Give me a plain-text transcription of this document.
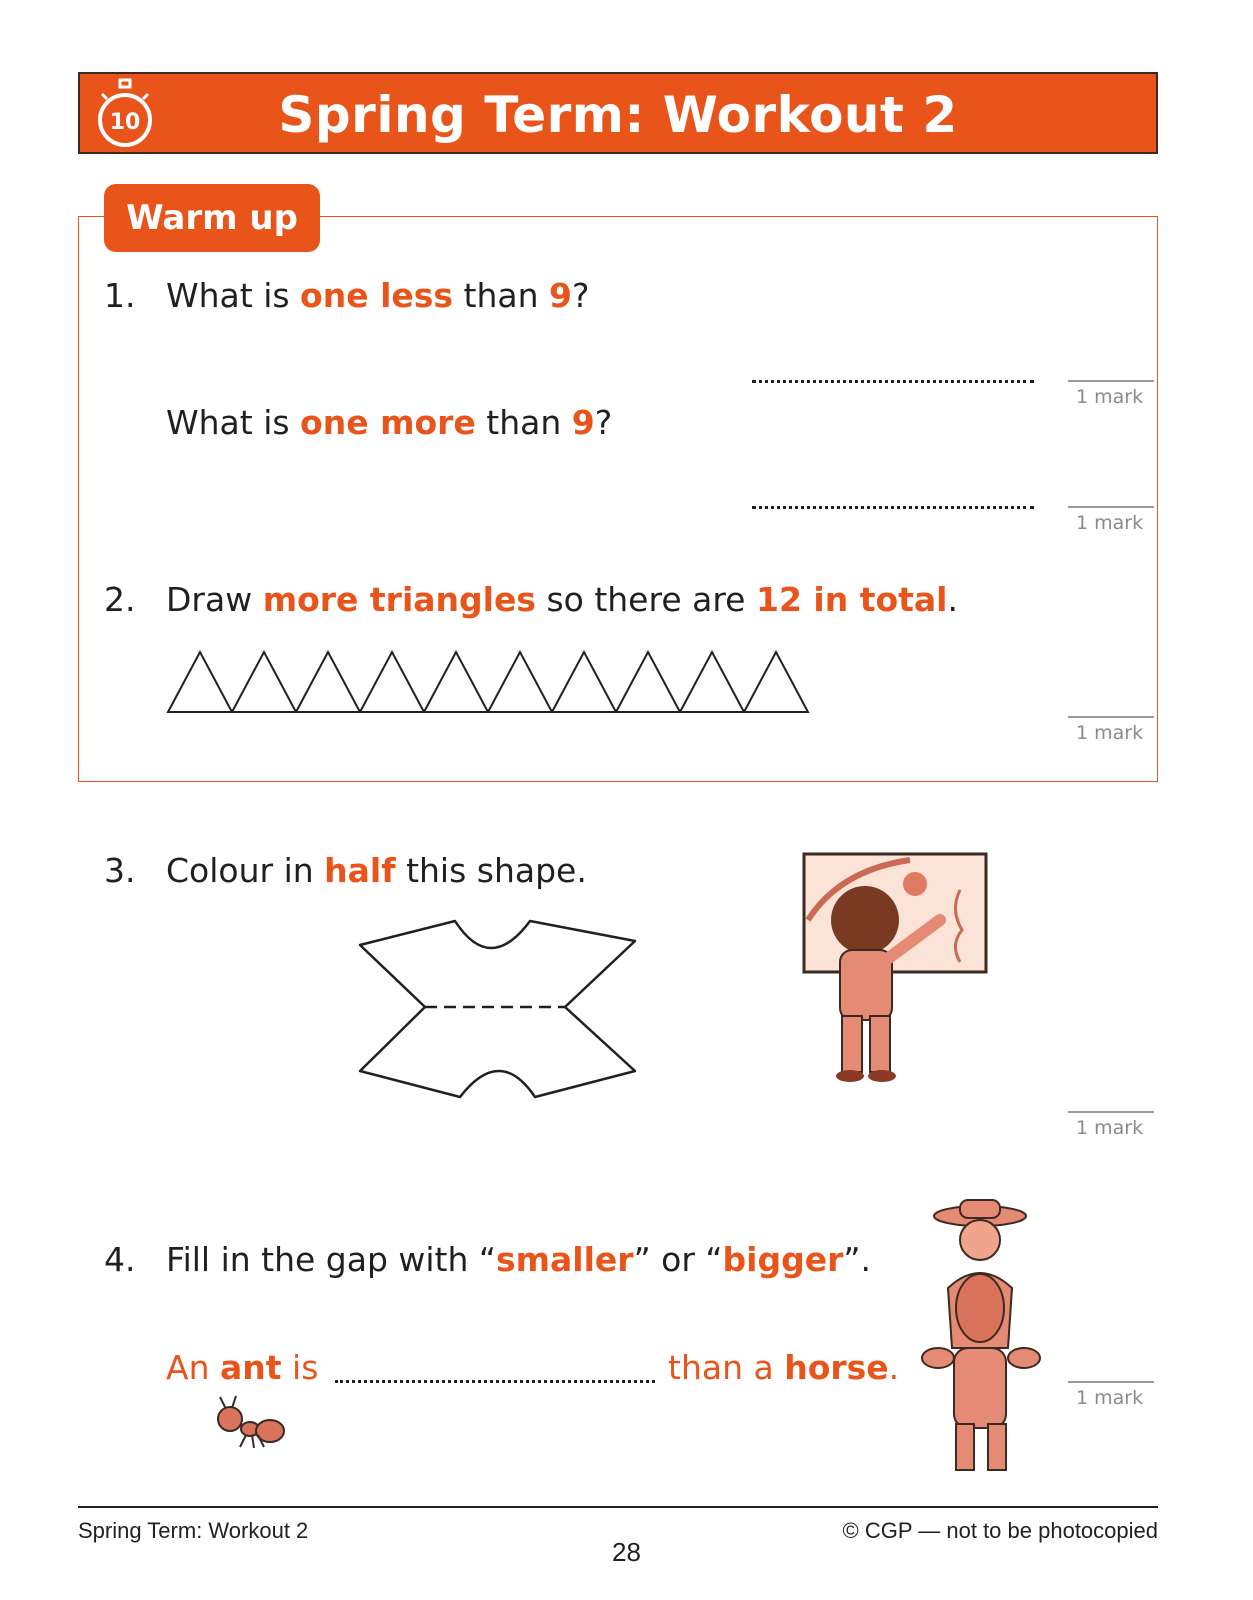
10	Spring Term: Workout 2
Warm up
1. What is one less than 9?
1 mark
What is one more than 9?
1 mark
2. Draw more triangles so there are 12 in total.
1 mark
3. Colour in half this shape.
1 mark
4. Fill in the gap with “smaller” or “bigger”.
An ant is	than a horse.
1 mark
Spring Term: Workout 2	© CGP — not to be photocopied
28
